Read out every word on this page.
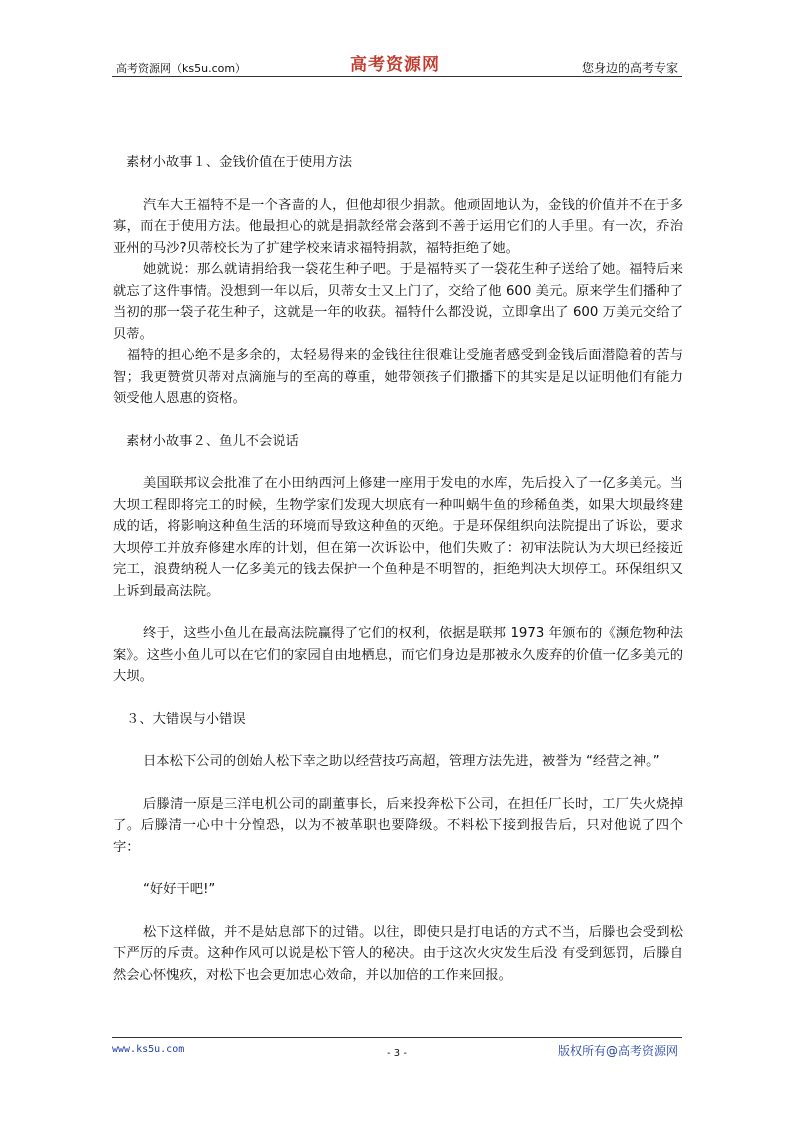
高考资源网（ks5u.com）	高考资源网	您身边的高考专家

素材小故事１、金钱价值在于使用方法

汽车大王福特不是一个吝啬的人，但他却很少捐款。他顽固地认为，金钱的价值并不在于多寡，而在于使用方法。他最担心的就是捐款经常会落到不善于运用它们的人手里。有一次，乔治亚州的马沙?贝蒂校长为了扩建学校来请求福特捐款，福特拒绝了她。

她就说：那么就请捐给我一袋花生种子吧。于是福特买了一袋花生种子送给了她。福特后来就忘了这件事情。没想到一年以后，贝蒂女士又上门了，交给了他 600 美元。原来学生们播种了当初的那一袋子花生种子，这就是一年的收获。福特什么都没说，立即拿出了 600 万美元交给了贝蒂。

福特的担心绝不是多余的，太轻易得来的金钱往往很难让受施者感受到金钱后面潜隐着的苦与智；我更赞赏贝蒂对点滴施与的至高的尊重，她带领孩子们撒播下的其实是足以证明他们有能力领受他人恩惠的资格。

素材小故事２、鱼儿不会说话

美国联邦议会批准了在小田纳西河上修建一座用于发电的水库，先后投入了一亿多美元。当大坝工程即将完工的时候，生物学家们发现大坝底有一种叫蜗牛鱼的珍稀鱼类，如果大坝最终建成的话，将影响这种鱼生活的环境而导致这种鱼的灭绝。于是环保组织向法院提出了诉讼，要求大坝停工并放弃修建水库的计划，但在第一次诉讼中，他们失败了：初审法院认为大坝已经接近完工，浪费纳税人一亿多美元的钱去保护一个鱼种是不明智的，拒绝判决大坝停工。环保组织又上诉到最高法院。

终于，这些小鱼儿在最高法院赢得了它们的权利，依据是联邦 1973 年颁布的《濒危物种法案》。这些小鱼儿可以在它们的家园自由地栖息，而它们身边是那被永久废弃的价值一亿多美元的大坝。

３、大错误与小错误

日本松下公司的创始人松下幸之助以经营技巧高超，管理方法先进，被誉为 “经营之神。”

后滕清一原是三洋电机公司的副董事长，后来投奔松下公司，在担任厂长时，工厂失火烧掉了。后滕清一心中十分惶恐，以为不被革职也要降级。不料松下接到报告后，只对他说了四个字：

“好好干吧!”

松下这样做，并不是姑息部下的过错。以往，即使只是打电话的方式不当，后滕也会受到松下严厉的斥责。这种作风可以说是松下管人的秘决。由于这次火灾发生后没 有受到惩罚，后滕自然会心怀愧疚，对松下也会更加忠心效命，并以加倍的工作来回报。

www.ks5u.com	- 3 -	版权所有@高考资源网
